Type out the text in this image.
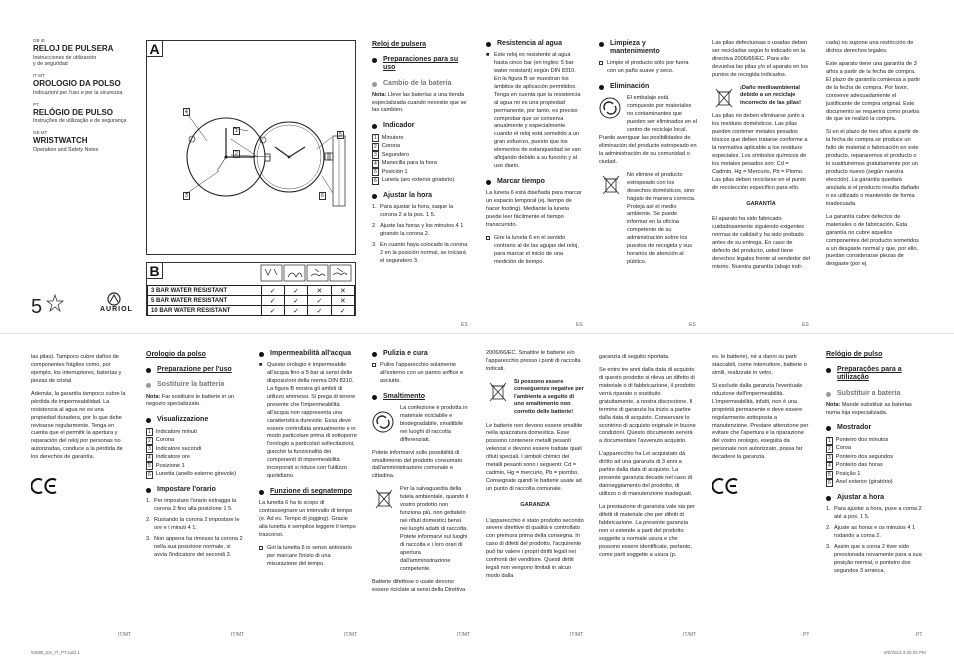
GB IE
RELOJ DE PULSERA
Instrucciones de utilización
y de seguridad
IT MT
OROLOGIO DA POLSO
Indicazioni per l'uso e per la sicurezza
PT
RELÓGIO DE PULSO
Instruções de utilização e de segurança
GB MT
WRISTWATCH
Operation and Safety Notes
A
4
1
2
3
5
6
B
3 BAR WATER RESISTANT	✓	✓	✕	✕
5 BAR WATER RESISTANT	✓	✓	✓	✕
10 BAR WATER RESISTANT	✓	✓	✓	✓
5	AURIOL
Reloj de pulsera
Preparaciones para su uso
Cambio de la batería
Nota: Lleve las baterías a una tienda especializada cuando necesite que se las cambien.
Indicador
1 Minutero
2 Corona
3 Segundero
4 Manecilla para la hora
5 Posición 1
6 Luneta (aro exterior giratorio)
Ajustar la hora
1. Para ajustar la hora, saque la corona 2 a la pos. 1 5.
2. Ajuste las horas y los minutos 4 1 girando la corona 2.
3. En cuanto haya colocado la corona 2 en la posición normal, se iniciará el segundero 3.
Resistencia al agua
■ Este reloj es resistente al agua hasta cinco bar (en inglés: 5 bar water resistant) según DIN 8310. En la figura B se muestran los ámbitos de aplicación permitidos. Tenga en cuenta que la resistencia al agua no es una propiedad permanente, por tanto, es preciso comprobar que se conserva anualmente y especialmente cuando el reloj está sometido a un gran esfuerzo, puesto que los elementos de estanqueidad se van aflojando debido a su función y al uso diario.
Marcar tiempo
La luneta 6 está diseñada para marcar un espacio temporal (ej. tiempo de hacer footing). Mediante la luneta puede leer fácilmente el tiempo transcurrido.
Gire la luneta 6 en el sentido contrario al de las agujas del reloj, para marcar el inicio de una medición de tiempo.
Limpieza y mantenimiento
Limpie el producto sólo por fuera con un paño suave y seco.
Eliminación
El embalaje está compuesto por materiales no contaminantes que pueden ser eliminados en el centro de reciclaje local.
Puede averiguar las posibilidades de eliminación del producto estropeado en la administración de su comunidad o ciudad.
No elimine el producto estropeado con los desechos domésticos, sino hágalo de manera correcta. Proteja así el medio ambiente. Se puede informar en la oficina competente de su administración sobre los puestos de recogida y sus horarios de atención al público.
Las pilas defectuosas o usadas deben ser recicladas según lo indicado en la directiva 2006/66/EC. Para ello devuelva las pilas y/o el aparato en los puntos de recogida indicados.
¡Daño medioambiental debido a un reciclaje incorrecto de las pilas!
Las pilas no deben eliminarse junto a los residuos domésticos. Las pilas pueden contener metales pesados tóxicos que deben tratarse conforme a la normativa aplicable a los residuos especiales. Los símbolos químicos de los metales pesados son: Cd = Cadmio, Hg = Mercurio, Pb = Plomo. Las pilas deben reciclarse en el punto de recolección específico para ello.
GARANTÍA
El aparato ha sido fabricado cuidadosamente siguiendo exigentes normas de calidad y ha sido probado antes de su entrega. En caso de defecto del producto, usted tiene derechos legales frente al vendedor del mismo. Nuestra garantía (abajo indi-
cada) no supone una restricción de dichos derechos legales.
Este aparato tiene una garantía de 3 años a partir de la fecha de compra. El plazo de garantía comienza a partir de la fecha de compra. Por favor, conserve adecuadamente el justificante de compra original. Este documento se requerirá como prueba de que se realizó la compra.
Si en el plazo de tres años a partir de la fecha de compra se produce un fallo de material o fabricación en este producto, repararemos el producto o lo sustituiremos gratuitamente por un producto nuevo (según nuestra elección). La garantía quedará anulada si el producto resulta dañado o es utilizado o mantenido de forma inadecuada.
La garantía cubre defectos de materiales o de fabricación. Esta garantía no cubre aquellos componentes del producto sometidos a un desgaste normal y que, por ello, puedan considerarse piezas de desgaste (por ej.
ES	ES	ES	ES
las pilas). Tampoco cubre daños de componentes frágiles como, por ejemplo, los interruptores, baterías y piezas de cristal.
Además, la garantía tampoco cubre la pérdida de impermeabilidad. La resistencia al agua no es una propiedad duradera, por lo que debe revisarse regularmente. Tenga en cuenta que el permitir la apertura y reparación del reloj por personas no autorizadas, conduce a la pérdida de los derechos de garantía.
Orologio da polso
Preparazione per l'uso
Sostituire la batteria
Nota: Far sostituire le batterie in un negozio specializzato.
Visualizzazione
1 Indicatore minuti
2 Corona
3 Indicatore secondi
4 Indicatore ore
5 Posizione 1
6 Lunetta (anello esterno girevole)
Impostare l'orario
1. Per impostare l'orario estragga la corona 2 fino alla posizione 1 5.
2. Ruotando la corona 2 impostare le ore e i minuti 4 1.
3. Non appena ha rimesso la corona 2 nella sua posizione normale, si avvia l'indicatore dei secondi 3.
Impermeabilità all'acqua
■ Questo orologio è impermeabile all'acqua fino a 5 bar ai sensi delle disposizioni della norma DIN 8310. La figura B mostra gli ambiti di utilizzo ammessi. Si prega di tenere presente che l'impermeabilità all'acqua non rappresenta una caratteristica durevole. Essa deve essere controllata annualmente e in modo particolare prima di sottoporre l'orologio a particolari sollecitazioni, giacché la funzionalità dei componenti di impermeabilità incorporati si riduce con l'utilizzo quotidiano.
Funzione di segnatempo
La lunetta 6 ha lo scopo di contrassegnare un intervallo di tempo (e. Ad es. Tempo di jogging). Grazie alla lunetta è semplice leggere il tempo trascorso.
Giri la lunetta 6 in senso antiorario per marcare l'inizio di una misurazione del tempo.
Pulizia e cura
Pulire l'apparecchio solamente all'esterno con un panno soffice e asciutto.
Smaltimento
La confezione è prodotta in materiale riciclabile e biodegradabile, smaltibile nei luoghi di raccolta differenziati.
Potete informarvi sulle possibilità di smaltimento del prodotto consumato dall'amministrazione comunale e cittadina.
Per la salvaguardia della tutela ambientale, quando il vostro prodotto non funziona più, non gettatelo nei rifiuti domestici bensì nei luoghi adatti di raccolta. Potete informarvi sui luoghi di raccolta e i loro orari di apertura dall'amministrazione competente.
Batterie difettose o usate devono essere riciclate ai sensi della Direttiva
2006/66/EC. Smaltire le batterie e/o l'apparecchio presso i punti di raccolta indicati.
Si possono essere conseguenze negative per l'ambiente a seguito di uno smaltimento non corretto delle batterie!
Le batterie non devono essere smaltite nella spazzatura domestica. Esse possono contenere metalli pesanti velenosi e devono essere trattate quali rifiuti speciali. I simboli chimici dei metalli pesanti sono i seguenti: Cd = cadmio, Hg = mercurio, Pb = piombo. Consegnate quindi le batterie usate ad un punto di raccolta comunale.
GARANZIA
L'apparecchio è stato prodotto secondo severe direttive di qualità e controllato con premura prima della consegna. In caso di difetti del prodotto, l'acquirente può far valere i propri diritti legali nei confronti del venditore. Questi diritti legali non vengono limitati in alcun modo dalla
garanzia di seguito riportata.
Se entro tre anni dalla data di acquisto di questo prodotto si rileva un difetto di materiale o di fabbricazione, il prodotto verrà riparato o sostituito gratuitamente, a nostra discrezione. Il termine di garanzia ha inizio a partire dalla data di acquisto. Conservare lo scontrino di acquisto originale in buone condizioni. Questo documento servirà a documentare l'avvenuto acquisto.
L'apparecchio ha Lei acquistato dà diritto ad una garanzia di 3 anni a partire dalla data di acquisto. La presente garanzia decade nel caso di danneggiamento del prodotto, di utilizzo o di manutenzione inadeguati.
La prestazione di garanzia vale sia per difetti di materiale che per difetti di fabbricazione. La presente garanzia non si estende a parti del prodotto soggette a normale usura e che possono essere identificate, pertanto, come parti soggette a usura (p.
es. le batterie), né a danni su parti staccabili, come interruttore, batterie o simili, realizzate in vetro.
Si esclude dalla garanzia l'eventuale riduzione dell'impermeabilità. L'impermeabilità, infatti, non è una proprietà permanente e deve essere regolarmente sottoposta a manutenzione. Prestare attenzione per evitare che l'apertura e la riparazione del vostro orologio, eseguita da personale non autorizzato, possa far decadere la garanzia.
Relógio de pulso
Preparações para a utilização
Substituir a bateria
Nota: Mande substituir as baterias numa loja especializada.
Mostrador
1 Ponteiro dos minutos
2 Coroa
3 Ponteiro dos segundos
4 Ponteiro das horas
5 Posição 1
6 Anel exterior (giratório)
Ajustar a hora
1. Para ajustar a hora, puxe a coroa 2 até a pos. 1 5.
2. Ajuste as horas e os minutos 4 1 rodando a coroa 2.
3. Assim que a coroa 2 tiver sido pressionada novamente para a sua posição normal, o ponteiro dos segundos 3 arranca.
IT/MT	IT/MT	IT/MT	IT/MT	IT/MT	IT/MT	PT	PT
93085_ES_IT_PT.indd 1	9/2/2013 3:20:25 PM
